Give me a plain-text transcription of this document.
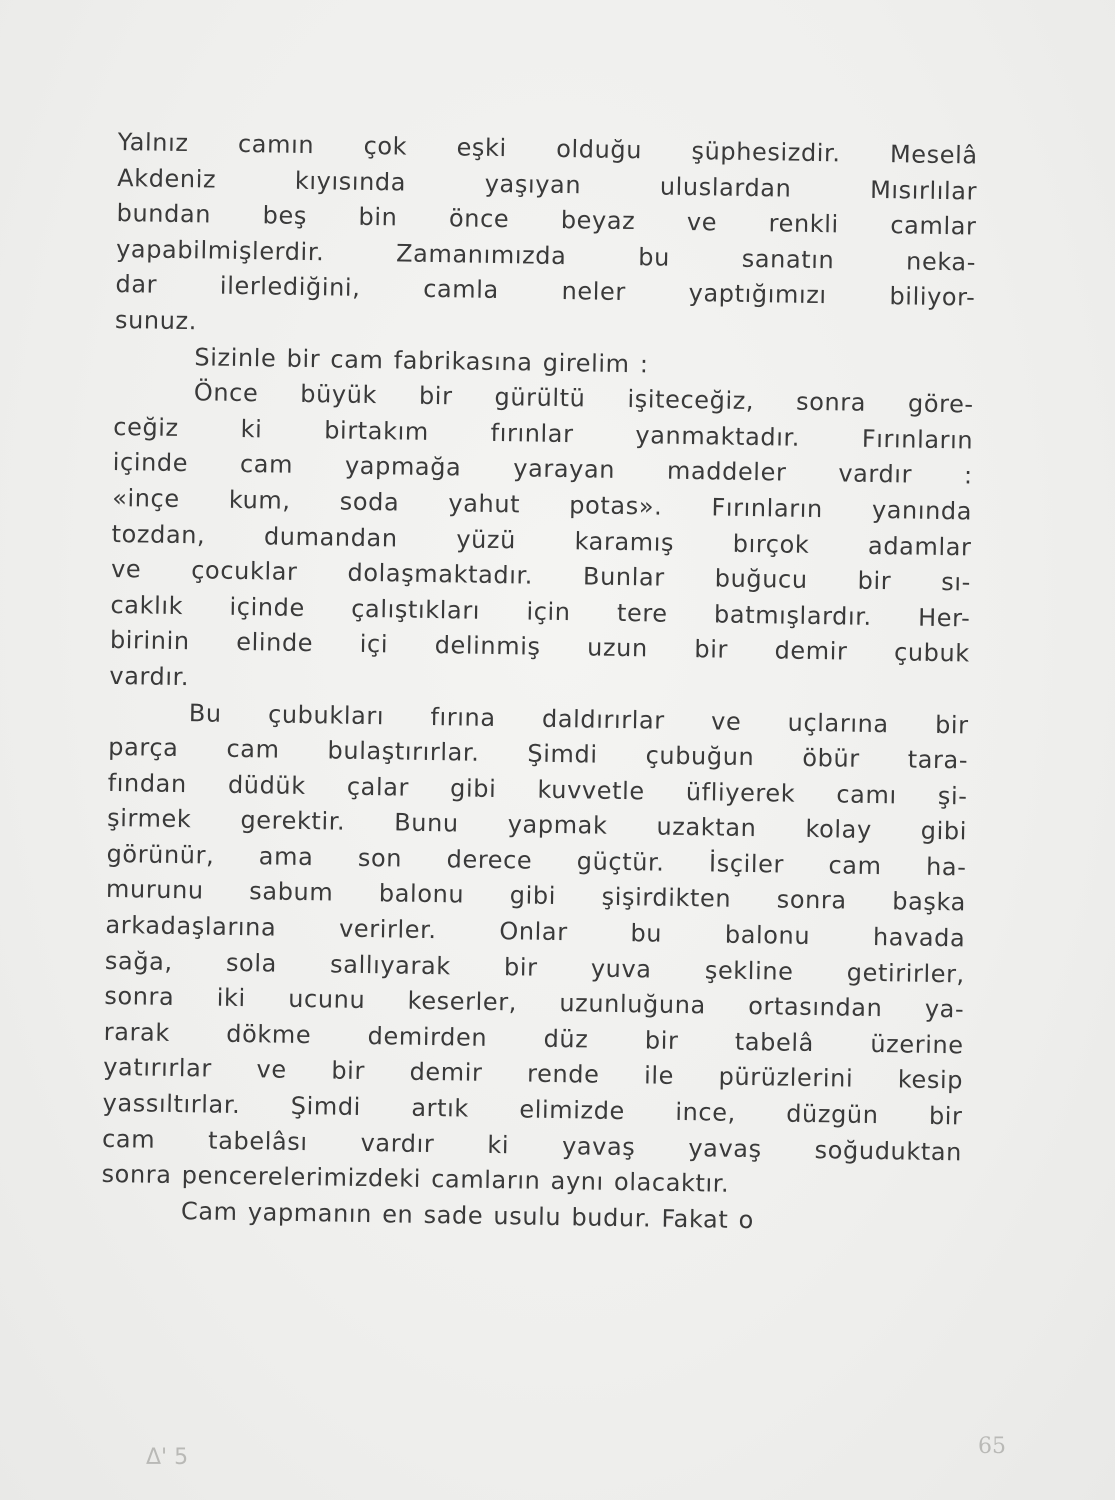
Yalnız camın çok eşki olduğu şüphesizdir. Meselâ
Akdeniz	kıyısında	yaşıyan	uluslardan	Mısırlılar
bundan beş bin önce beyaz ve renkli camlar
yapabilmişlerdir.	Zamanımızda	bu	sanatın	neka-
dar	ilerlediğini,	camla	neler	yaptığımızı	biliyor-
sunuz.
Sizinle bir cam fabrikasına girelim :
Önce büyük bir gürültü işiteceğiz, sonra göre-
ceğiz	ki	birtakım	fırınlar	yanmaktadır.	Fırınların
içinde cam yapmağa yarayan maddeler vardır :
«inçe kum, soda yahut potas». Fırınların yanında
tozdan, dumandan yüzü karamış bırçok adamlar
ve çocuklar dolaşmaktadır. Bunlar buğucu bir sı-
caklık içinde çalıştıkları için tere batmışlardır. Her-
birinin elinde içi delinmiş uzun bir demir çubuk
vardır.
Bu çubukları fırına daldırırlar ve uçlarına bir
parça cam bulaştırırlar. Şimdi çubuğun öbür tara-
fından düdük çalar gibi kuvvetle üfliyerek camı şi-
şirmek gerektir. Bunu yapmak uzaktan kolay gibi
görünür, ama son derece güçtür. İsçiler cam ha-
murunu sabum balonu gibi şişirdikten sonra başka
arkadaşlarına	verirler.	Onlar	bu	balonu	havada
sağa, sola sallıyarak bir yuva şekline getirirler,
sonra iki ucunu keserler, uzunluğuna ortasından ya-
rarak dökme demirden düz bir tabelâ üzerine
yatırırlar ve bir demir rende ile pürüzlerini kesip
yassıltırlar. Şimdi artık elimizde ince, düzgün bir
cam tabelâsı vardır ki yavaş yavaş soğuduktan
sonra pencerelerimizdeki camların aynı olacaktır.
Cam yapmanın en sade usulu budur. Fakat o
Δ' 5	65
